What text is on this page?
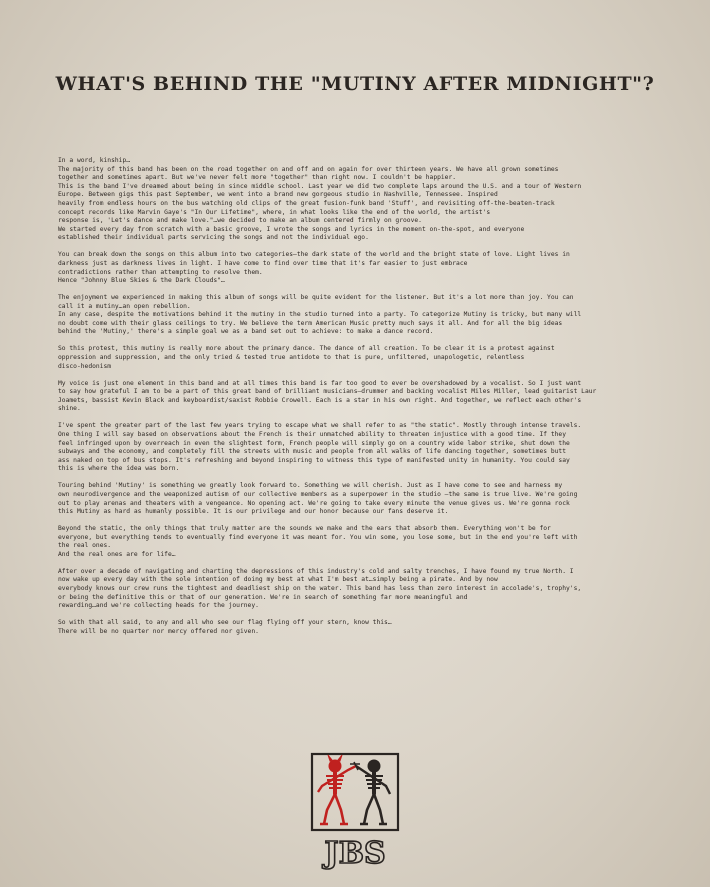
WHAT'S BEHIND THE "MUTINY AFTER MIDNIGHT"?
In a word, kinship…
The majority of this band has been on the road together on and off and on again for over thirteen years. We have all grown sometimes
together and sometimes apart. But we've never felt more "together" than right now. I couldn't be happier.
This is the band I've dreamed about being in since middle school. Last year we did two complete laps around the U.S. and a tour of Western
Europe. Between gigs this past September, we went into a brand new gorgeous studio in Nashville, Tennessee. Inspired
heavily from endless hours on the bus watching old clips of the great fusion-funk band 'Stuff', and revisiting off-the-beaten-track
concept records like Marvin Gaye's "In Our Lifetime", where, in what looks like the end of the world, the artist's
response is, 'Let's dance and make love."…we decided to make an album centered firmly on groove.
We started every day from scratch with a basic groove, I wrote the songs and lyrics in the moment on-the-spot, and everyone
established their individual parts servicing the songs and not the individual ego.
You can break down the songs on this album into two categories—the dark state of the world and the bright state of love. Light lives in
darkness just as darkness lives in light. I have come to find over time that it's far easier to just embrace
contradictions rather than attempting to resolve them.
Hence "Johnny Blue Skies & the Dark Clouds"…
The enjoyment we experienced in making this album of songs will be quite evident for the listener. But it's a lot more than joy. You can
call it a mutiny…an open rebellion.
In any case, despite the motivations behind it the mutiny in the studio turned into a party. To categorize Mutiny is tricky, but many will
no doubt come with their glass ceilings to try. We believe the term American Music pretty much says it all. And for all the big ideas
behind the 'Mutiny,' there's a simple goal we as a band set out to achieve: to make a dance record.
So this protest, this mutiny is really more about the primary dance. The dance of all creation. To be clear it is a protest against
oppression and suppression, and the only tried & tested true antidote to that is pure, unfiltered, unapologetic, relentless
disco-hedonism
My voice is just one element in this band and at all times this band is far too good to ever be overshadowed by a vocalist. So I just want
to say how grateful I am to be a part of this great band of brilliant musicians—drummer and backing vocalist Miles Miller, lead guitarist Laur
Joamets, bassist Kevin Black and keyboardist/saxist Robbie Crowell. Each is a star in his own right. And together, we reflect each other's
shine.
I've spent the greater part of the last few years trying to escape what we shall refer to as "the static". Mostly through intense travels.
One thing I will say based on observations about the French is their unmatched ability to threaten injustice with a good time. If they
feel infringed upon by overreach in even the slightest form, French people will simply go on a country wide labor strike, shut down the
subways and the economy, and completely fill the streets with music and people from all walks of life dancing together, sometimes butt
ass naked on top of bus stops. It's refreshing and beyond inspiring to witness this type of manifested unity in humanity. You could say
this is where the idea was born.
Touring behind 'Mutiny' is something we greatly look forward to. Something we will cherish. Just as I have come to see and harness my
own neurodivergence and the weaponized autism of our collective members as a superpower in the studio —the same is true live. We're going
out to play arenas and theaters with a vengeance. No opening act. We're going to take every minute the venue gives us. We're gonna rock
this Mutiny as hard as humanly possible. It is our privilege and our honor because our fans deserve it.
Beyond the static, the only things that truly matter are the sounds we make and the ears that absorb them. Everything won't be for
everyone, but everything tends to eventually find everyone it was meant for. You win some, you lose some, but in the end you're left with
the real ones.
And the real ones are for life…
After over a decade of navigating and charting the depressions of this industry's cold and salty trenches, I have found my true North. I
now wake up every day with the sole intention of doing my best at what I'm best at…simply being a pirate. And by now
everybody knows our crew runs the tightest and deadliest ship on the water. This band has less than zero interest in accolade's, trophy's,
or being the definitive this or that of our generation. We're in search of something far more meaningful and
rewarding…and we're collecting heads for the journey.
So with that all said, to any and all who see our flag flying off your stern, know this…
There will be no quarter nor mercy offered nor given.
JBS
